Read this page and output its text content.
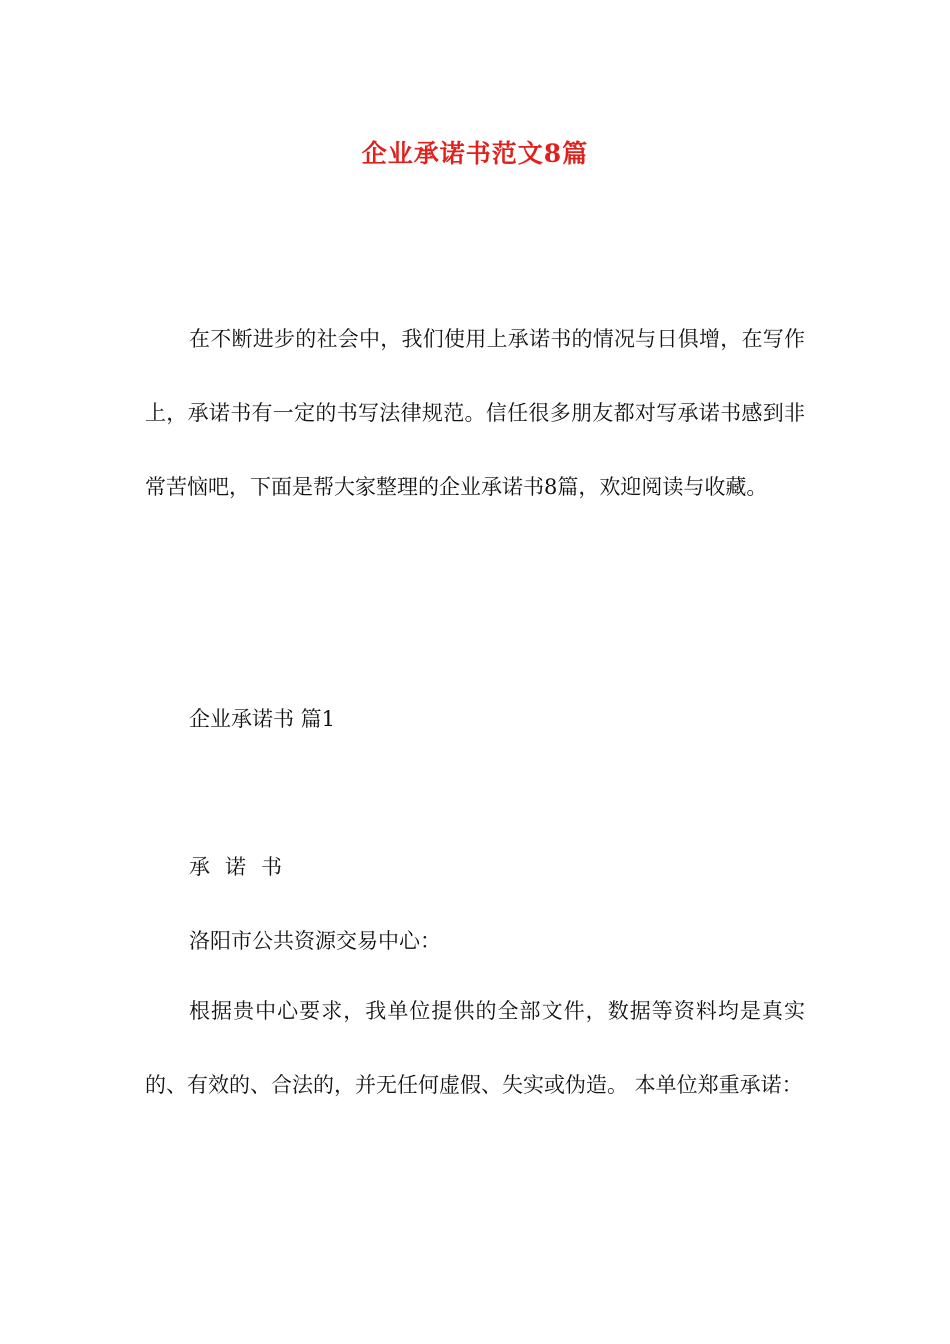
企业承诺书范文8篇
在不断进步的社会中，我们使用上承诺书的情况与日俱增，在写作上，承诺书有一定的书写法律规范。信任很多朋友都对写承诺书感到非常苦恼吧，下面是帮大家整理的企业承诺书8篇，欢迎阅读与收藏。
企业承诺书 篇1
承诺书
洛阳市公共资源交易中心：
根据贵中心要求，我单位提供的全部文件，数据等资料均是真实的、有效的、合法的，并无任何虚假、失实或伪造。 本单位郑重承诺：
